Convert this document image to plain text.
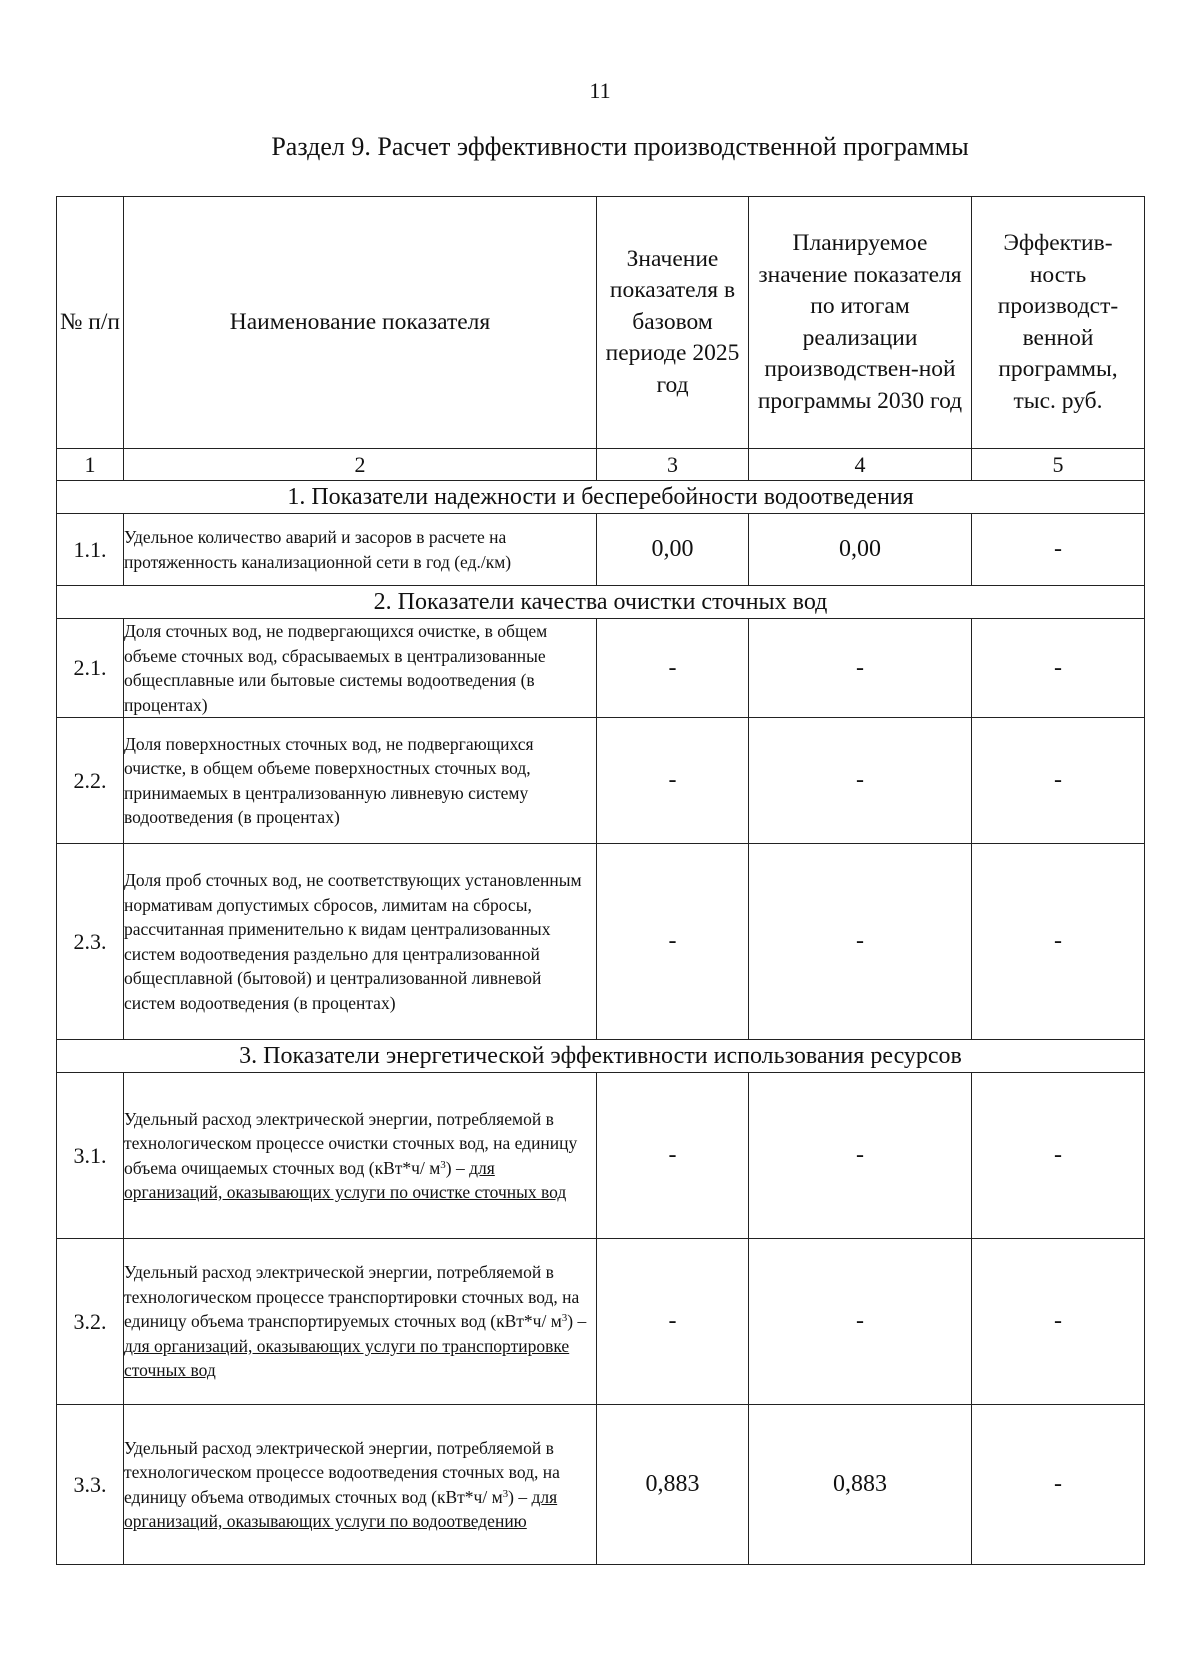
11
Раздел 9. Расчет эффективности производственной программы
№ п/п	Наименование показателя	Значение показателя в базовом периоде 2025 год	Планируемое значение показателя по итогам реализации производствен-ной программы 2030 год	Эффектив-ность производст-венной программы, тыс. руб.
1	2	3	4	5
1. Показатели надежности и бесперебойности водоотведения				
1.1.	Удельное количество аварий и засоров в расчете на протяженность канализационной сети в год (ед./км)	0,00	0,00	-
2. Показатели качества очистки сточных вод				
2.1.	Доля сточных вод, не подвергающихся очистке, в общем объеме сточных вод, сбрасываемых в централизованные общесплавные или бытовые системы водоотведения (в процентах)	-	-	-
2.2.	Доля поверхностных сточных вод, не подвергающихся очистке, в общем объеме поверхностных сточных вод, принимаемых в централизованную ливневую систему водоотведения (в процентах)	-	-	-
2.3.	Доля проб сточных вод, не соответствующих установленным нормативам допустимых сбросов, лимитам на сбросы, рассчитанная применительно к видам централизованных систем водоотведения раздельно для централизованной общесплавной (бытовой) и централизованной ливневой систем водоотведения (в процентах)	-	-	-
3. Показатели энергетической эффективности использования ресурсов				
3.1.	Удельный расход электрической энергии, потребляемой в технологическом процессе очистки сточных вод, на единицу объема очищаемых сточных вод (кВт*ч/ $м^3$) – для организаций, оказывающих услуги по очистке сточных вод	-	-	-
3.2.	Удельный расход электрической энергии, потребляемой в технологическом процессе транспортировки сточных вод, на единицу объема транспортируемых сточных вод (кВт*ч/ $м^3$) – для организаций, оказывающих услуги по транспортировке сточных вод	-	-	-
3.3.	Удельный расход электрической энергии, потребляемой в технологическом процессе водоотведения сточных вод, на единицу объема отводимых сточных вод (кВт*ч/ $м^3$) – для организаций, оказывающих услуги по водоотведению	0,883	0,883	-
